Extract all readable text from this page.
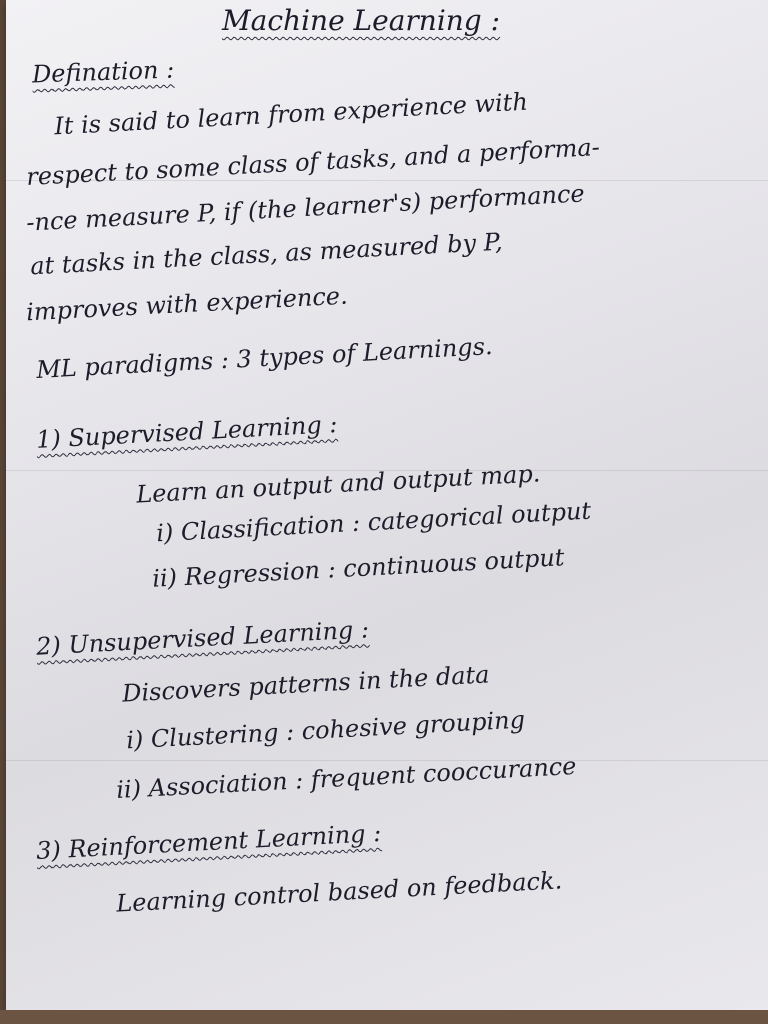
Machine Learning :
Defination :
It is said to learn from experience with
respect to some class of tasks, and a performa-
-nce measure P, if (the learner's) performance
at tasks in the class, as measured by P,
improves with experience.
ML paradigms : 3 types of Learnings.
1) Supervised Learning :
Learn an output and output map.
i) Classification : categorical output
ii) Regression : continuous output
2) Unsupervised Learning :
Discovers patterns in the data
i) Clustering : cohesive grouping
ii) Association : frequent cooccurance
3) Reinforcement Learning :
Learning control based on feedback.
